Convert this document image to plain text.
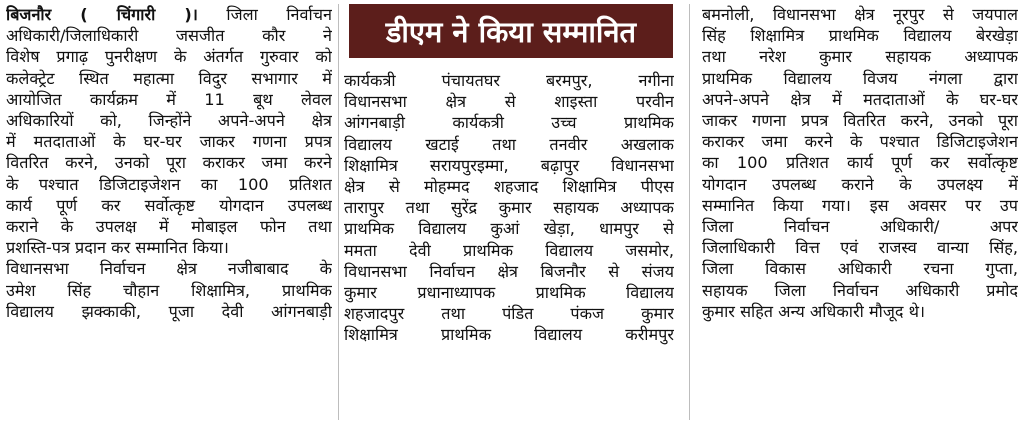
बिजनौर ( चिंगारी )। जिला निर्वाचन
अधिकारी/जिलाधिकारी जसजीत कौर ने
विशेष प्रगाढ़ पुनरीक्षण के अंतर्गत गुरुवार को
कलेक्ट्रेट स्थित महात्मा विदुर सभागार में
आयोजित कार्यक्रम में 11 बूथ लेवल
अधिकारियों को, जिन्होंने अपने-अपने क्षेत्र
में मतदाताओं के घर-घर जाकर गणना प्रपत्र
वितरित करने, उनको पूरा कराकर जमा करने
के पश्चात डिजिटाइजेशन का 100 प्रतिशत
कार्य पूर्ण कर सर्वोत्कृष्ट योगदान उपलब्ध
कराने के उपलक्ष में मोबाइल फोन तथा
प्रशस्ति-पत्र प्रदान कर सम्मानित किया।
विधानसभा निर्वाचन क्षेत्र नजीबाबाद के
उमेश सिंह चौहान शिक्षामित्र, प्राथमिक
विद्यालय झक्काकी, पूजा देवी आंगनबाड़ी
डीएम ने किया सम्मानित
कार्यकत्री पंचायतघर बरमपुर, नगीना
विधानसभा क्षेत्र से शाइस्ता परवीन
आंगनबाड़ी कार्यकत्री उच्च प्राथमिक
विद्यालय खटाई तथा तनवीर अखलाक
शिक्षामित्र सरायपुरइम्मा, बढ़ापुर विधानसभा
क्षेत्र से मोहम्मद शहजाद शिक्षामित्र पीएस
तारापुर तथा सुरेंद्र कुमार सहायक अध्यापक
प्राथमिक विद्यालय कुआं खेड़ा, धामपुर से
ममता देवी प्राथमिक विद्यालय जसमोर,
विधानसभा निर्वाचन क्षेत्र बिजनौर से संजय
कुमार प्रधानाध्यापक प्राथमिक विद्यालय
शहजादपुर तथा पंडित पंकज कुमार
शिक्षामित्र प्राथमिक विद्यालय करीमपुर
बमनोली, विधानसभा क्षेत्र नूरपुर से जयपाल
सिंह शिक्षामित्र प्राथमिक विद्यालय बेरखेड़ा
तथा नरेश कुमार सहायक अध्यापक
प्राथमिक विद्यालय विजय नंगला द्वारा
अपने-अपने क्षेत्र में मतदाताओं के घर-घर
जाकर गणना प्रपत्र वितरित करने, उनको पूरा
कराकर जमा करने के पश्चात डिजिटाइजेशन
का 100 प्रतिशत कार्य पूर्ण कर सर्वोत्कृष्ट
योगदान उपलब्ध कराने के उपलक्ष्य में
सम्मानित किया गया। इस अवसर पर उप
जिला निर्वाचन अधिकारी/ अपर
जिलाधिकारी वित्त एवं राजस्व वान्या सिंह,
जिला विकास अधिकारी रचना गुप्ता,
सहायक जिला निर्वाचन अधिकारी प्रमोद
कुमार सहित अन्य अधिकारी मौजूद थे।
